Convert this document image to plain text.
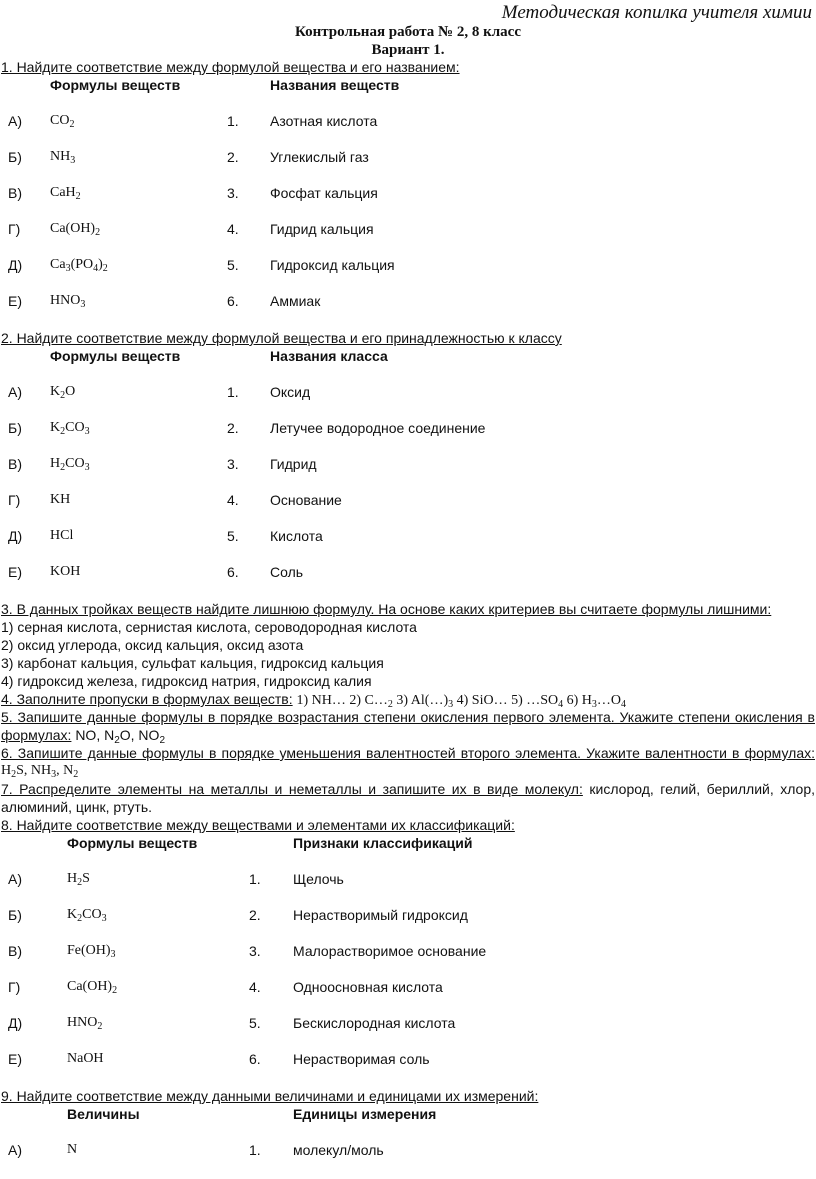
Методическая копилка учителя химии
Контрольная работа № 2, 8 класс
Вариант 1.
1. Найдите соответствие между формулой вещества и его названием:
Формулы веществ	Названия веществ
А) $CO_2$	1. Азотная кислота
Б) $NH_3$	2. Углекислый газ
В) CaH$_2$	3. Фосфат кальция
Г) $Ca(OH)_2$	4. Гидрид кальция
Д) $Ca_3(PO_4)_2$	5. Гидроксид кальция
Е) $HNO_3$	6. Аммиак
2. Найдите соответствие между формулой вещества и его принадлежностью к классу
Формулы веществ	Названия класса
А) $K_2O$	1. Оксид
Б) $K_2CO_3$	2. Летучее водородное соединение
В) $H_2CO_3$	3. Гидрид
Г) KH	4. Основание
Д) HCl	5. Кислота
Е) KOH	6. Соль
3. В данных тройках веществ найдите лишнюю формулу. На основе каких критериев вы считаете формулы лишними:
1) серная кислота, сернистая кислота, сероводородная кислота
2) оксид углерода, оксид кальция, оксид азота
3) карбонат кальция, сульфат кальция, гидроксид кальция
4) гидроксид железа, гидроксид натрия, гидроксид калия
4. Заполните пропуски в формулах веществ: 1) NH… 2) $C\dots_2$ 3) $Al(\dots)_3$ 4) SiO… 5) $\dots SO_4$ 6) $H_3\dots O_4$
5. Запишите данные формулы в порядке возрастания степени окисления первого элемента. Укажите степени окисления в
формулах: NO, $N_2O$, $NO_2$
6. Запишите данные формулы в порядке уменьшения валентностей второго элемента. Укажите валентности в формулах:
$H_2S$, $NH_3$, $N_2$
7. Распределите элементы на металлы и неметаллы и запишите их в виде молекул: кислород, гелий, бериллий, хлор,
алюминий, цинк, ртуть.
8. Найдите соответствие между веществами и элементами их классификаций:
Формулы веществ	Признаки классификаций
А)	$H_2S$	1. Щелочь
Б)	$K_2CO_3$	2. Нерастворимый гидроксид
В)	$Fe(OH)_3$	3. Малорастворимое основание
Г)	$Ca(OH)_2$	4. Одноосновная кислота
Д)	$HNO_2$	5. Бескислородная кислота
Е)	NaOH	6. Нерастворимая соль
9. Найдите соответствие между данными величинами и единицами их измерений:
Величины	Единицы измерения
А)	N	1. молекул/моль
